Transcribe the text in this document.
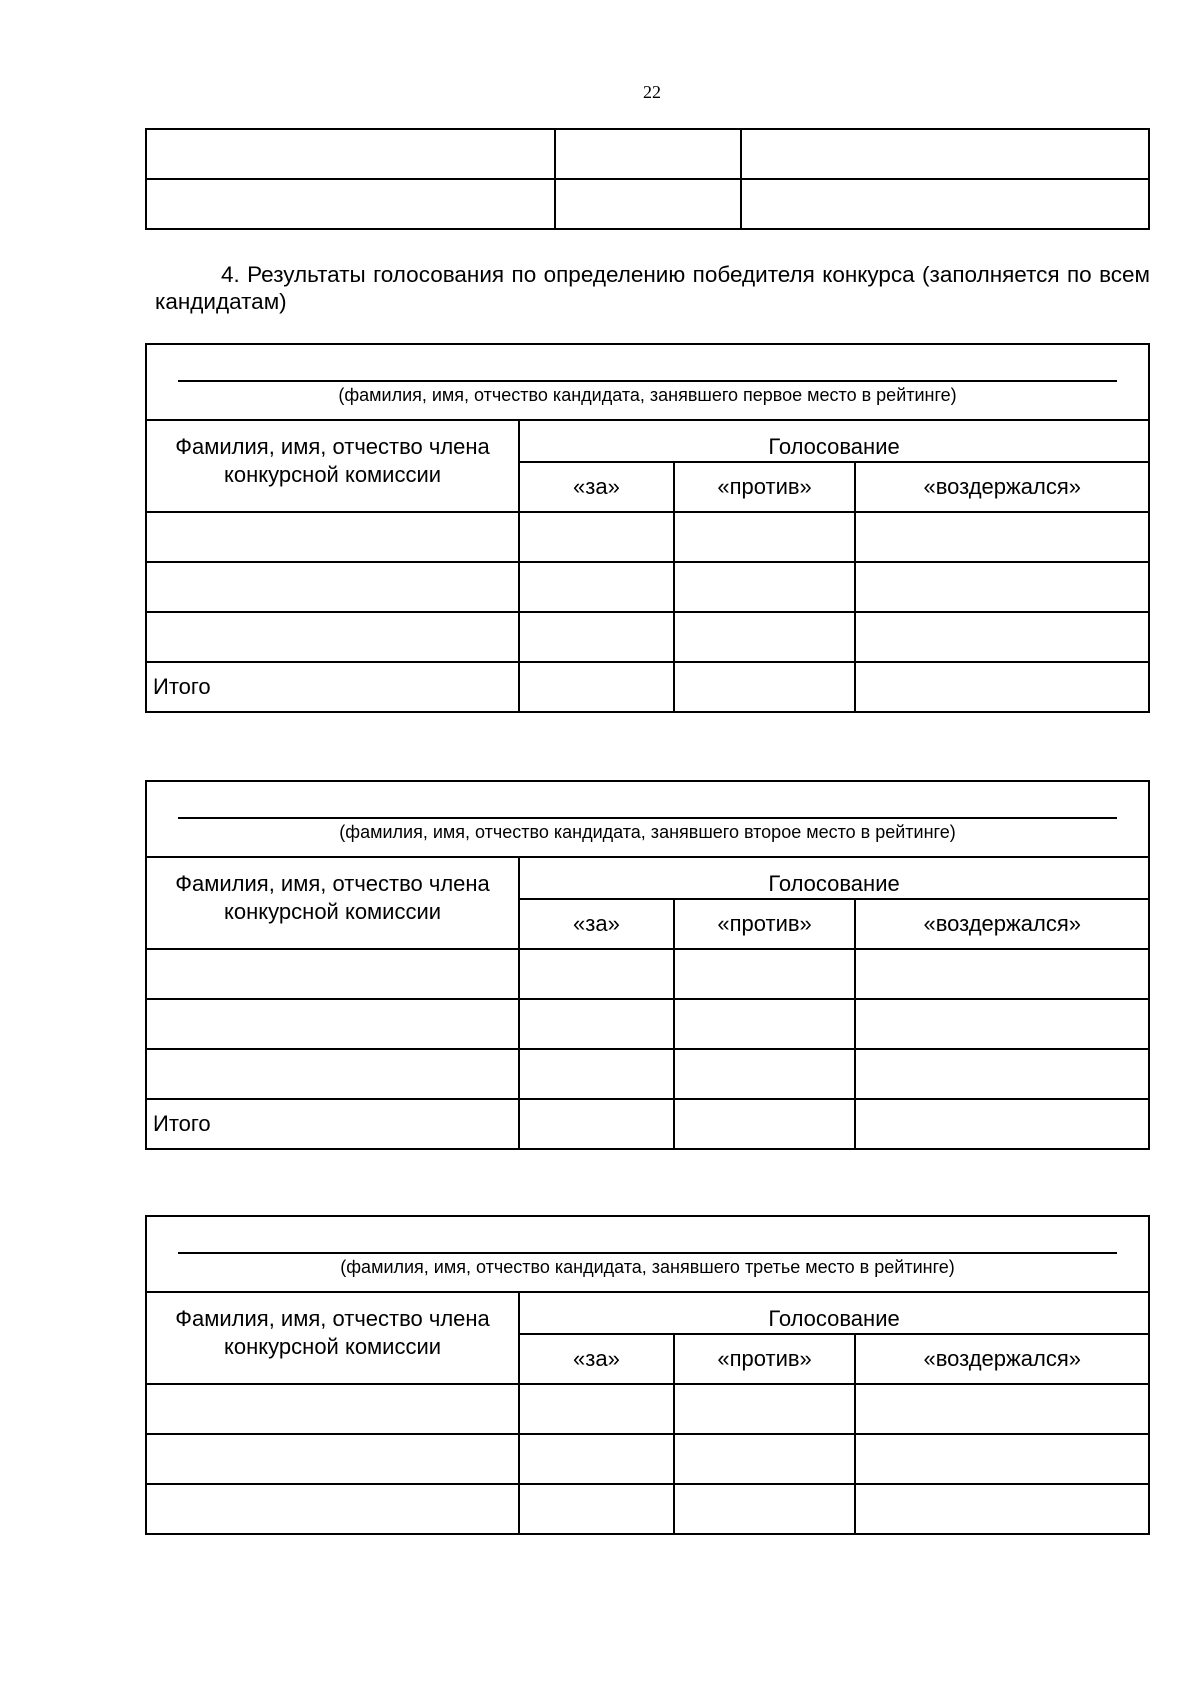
22

4. Результаты голосования по определению победителя конкурса (заполняется по всем кандидатам)
(фамилия, имя, отчество кандидата, занявшего первое место в рейтинге)			

Фамилия, имя, отчество члена конкурсной комиссии	Голосование		
	«за»	«против»	«воздержался»

Итого			
(фамилия, имя, отчество кандидата, занявшего второе место в рейтинге)			

Фамилия, имя, отчество члена конкурсной комиссии	Голосование		
	«за»	«против»	«воздержался»

Итого			
(фамилия, имя, отчество кандидата, занявшего третье место в рейтинге)			

Фамилия, имя, отчество члена конкурсной комиссии	Голосование		
	«за»	«против»	«воздержался»
